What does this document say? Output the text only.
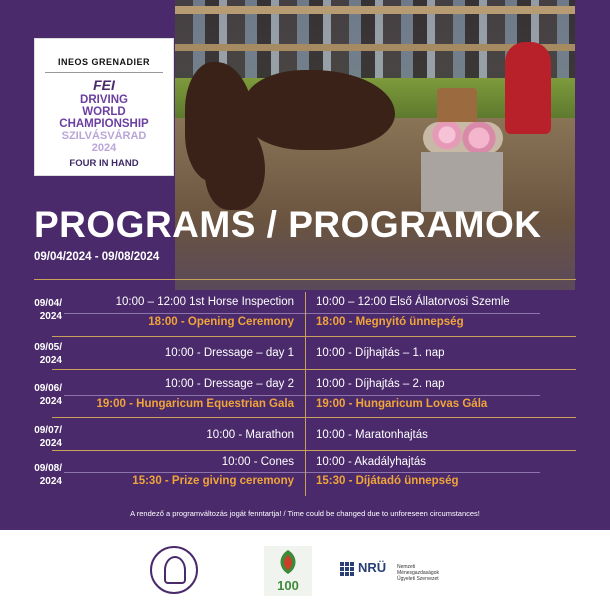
INEOS GRENADIER
FEI
DRIVING
WORLD
CHAMPIONSHIP
SZILVÁSVÁRAD
2024
FOUR IN HAND
PROGRAMS / PROGRAMOK
09/04/2024 - 09/08/2024
09/04/
2024
10:00 – 12:00 1st Horse Inspection 10:00 – 12:00 Első Állatorvosi Szemle
18:00 - Opening Ceremony 18:00 - Megnyitó ünnepség
09/05/
2024
10:00 - Dressage – day 1 10:00 - Díjhajtás – 1. nap
09/06/
2024
10:00 - Dressage – day 2 10:00 - Díjhajtás – 2. nap
19:00 - Hungaricum Equestrian Gala 19:00 - Hungaricum Lovas Gála
09/07/
2024
10:00 - Marathon 10:00 - Maratonhajtás
09/08/
2024
10:00 - Cones 10:00 - Akadályhajtás
15:30 - Prize giving ceremony 15:30 - Díjátadó ünnepség
A rendező a programváltozás jogát fenntartja! / Time could be changed due to unforeseen circumstances!
100
NRÜ Nemzeti Ménesgazdaságok Ügyeleti Szervezet
